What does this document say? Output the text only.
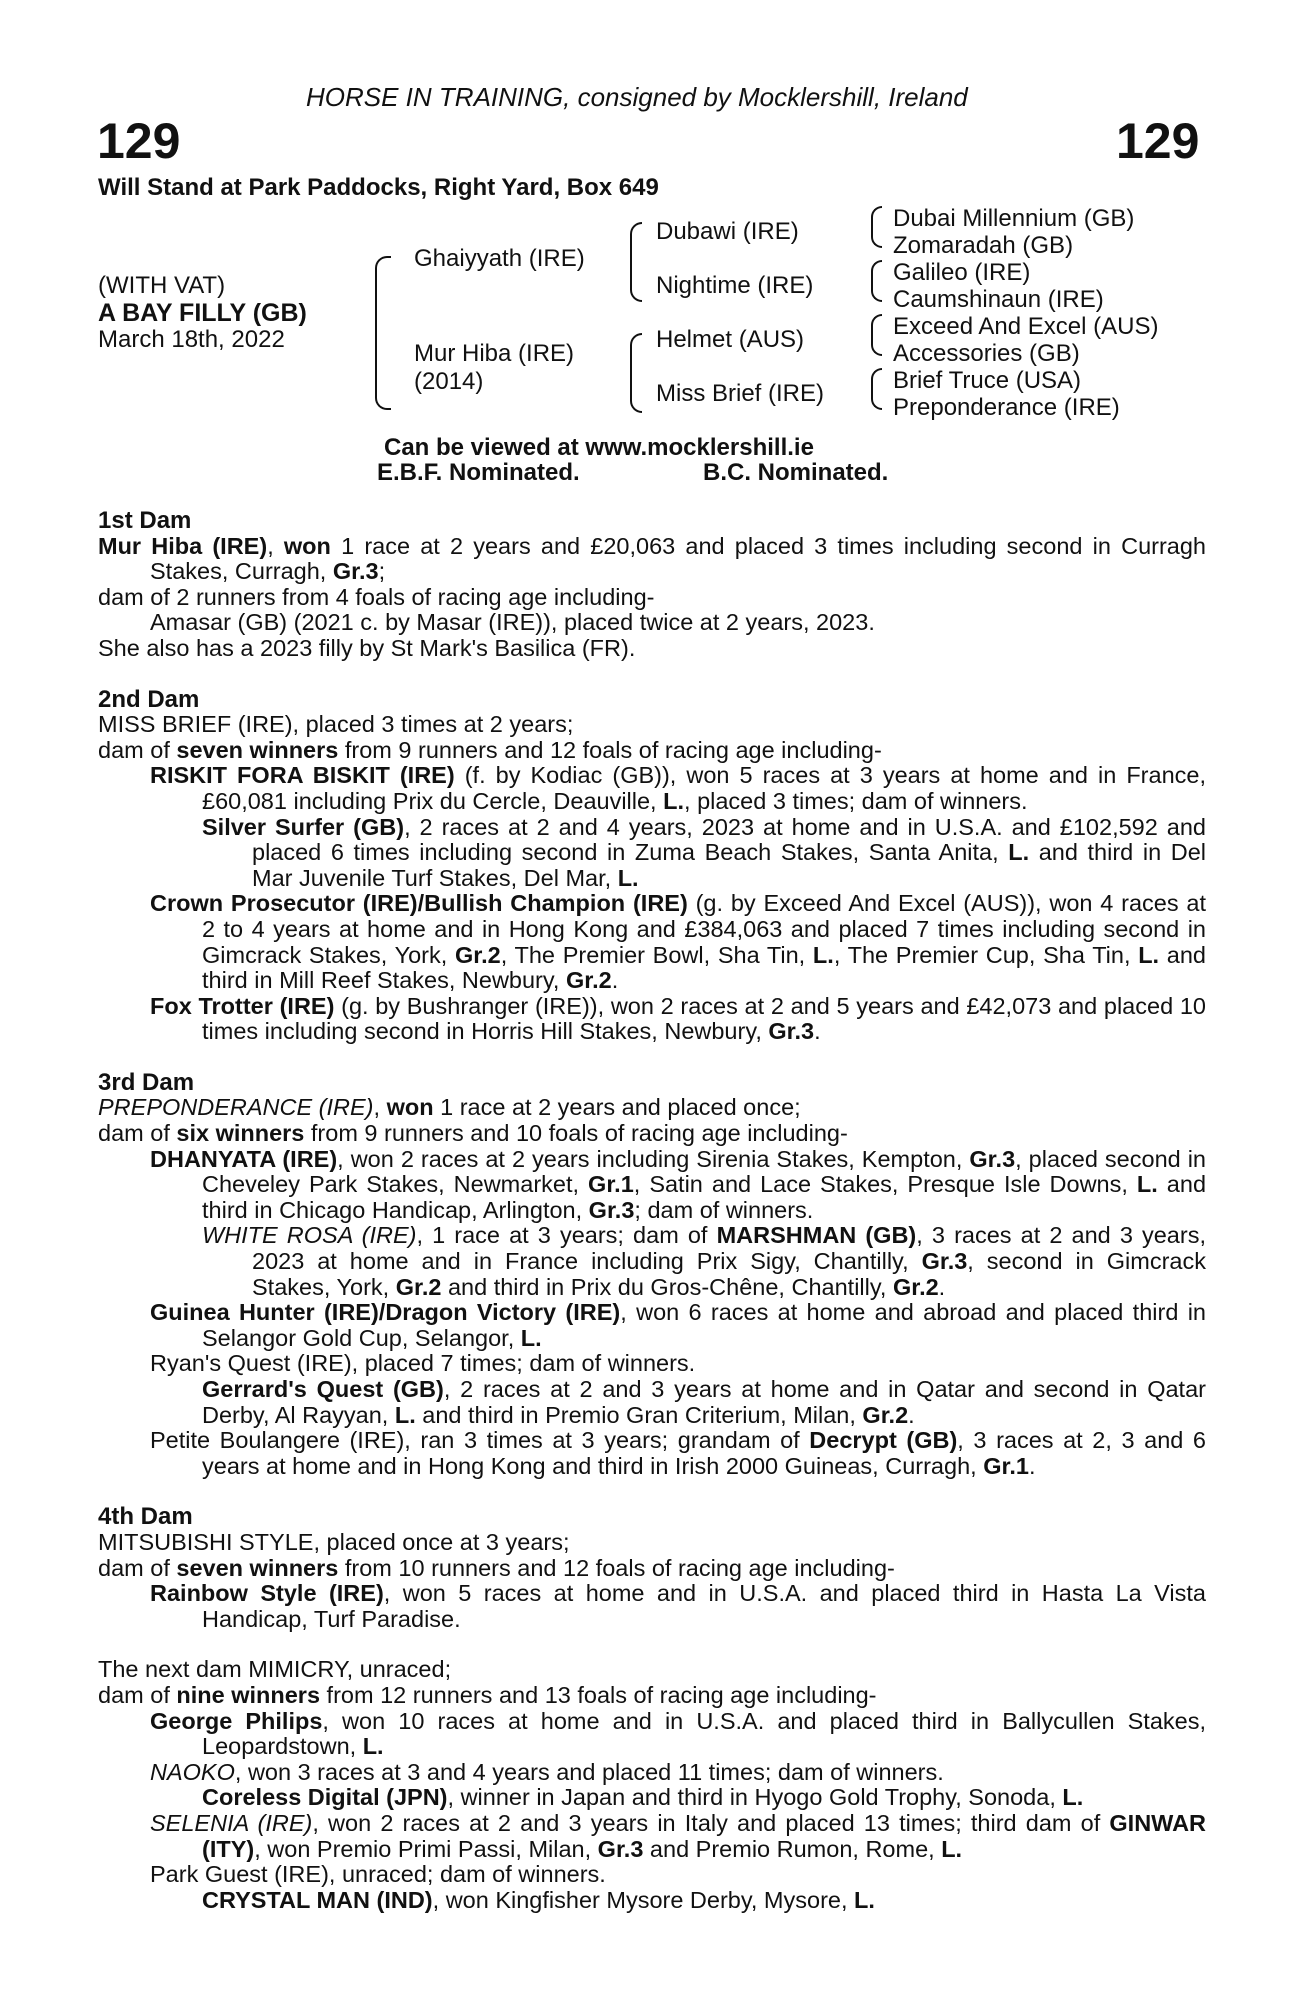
HORSE IN TRAINING, consigned by Mocklershill, Ireland
129	129
Will Stand at Park Paddocks, Right Yard, Box 649
(WITH VAT)
A BAY FILLY (GB)
March 18th, 2022
Ghaiyyath (IRE)
Mur Hiba (IRE)
(2014)
Dubawi (IRE)
Nightime (IRE)
Helmet (AUS)
Miss Brief (IRE)
Dubai Millennium (GB)
Zomaradah (GB)
Galileo (IRE)
Caumshinaun (IRE)
Exceed And Excel (AUS)
Accessories (GB)
Brief Truce (USA)
Preponderance (IRE)
Can be viewed at www.mocklershill.ie
E.B.F. Nominated.	B.C. Nominated.

1st Dam

Mur Hiba (IRE), won 1 race at 2 years and £20,063 and placed 3 times including second in Curragh Stakes, Curragh, Gr.3;

dam of 2 runners from 4 foals of racing age including-

Amasar (GB) (2021 c. by Masar (IRE)), placed twice at 2 years, 2023.

She also has a 2023 filly by St Mark's Basilica (FR).

2nd Dam

MISS BRIEF (IRE), placed 3 times at 2 years;

dam of seven winners from 9 runners and 12 foals of racing age including-

RISKIT FORA BISKIT (IRE) (f. by Kodiac (GB)), won 5 races at 3 years at home and in France, £60,081 including Prix du Cercle, Deauville, L., placed 3 times; dam of winners.

Silver Surfer (GB), 2 races at 2 and 4 years, 2023 at home and in U.S.A. and £102,592 and placed 6 times including second in Zuma Beach Stakes, Santa Anita, L. and third in Del Mar Juvenile Turf Stakes, Del Mar, L.

Crown Prosecutor (IRE)/Bullish Champion (IRE) (g. by Exceed And Excel (AUS)), won 4 races at 2 to 4 years at home and in Hong Kong and £384,063 and placed 7 times including second in Gimcrack Stakes, York, Gr.2, The Premier Bowl, Sha Tin, L., The Premier Cup, Sha Tin, L. and third in Mill Reef Stakes, Newbury, Gr.2.

Fox Trotter (IRE) (g. by Bushranger (IRE)), won 2 races at 2 and 5 years and £42,073 and placed 10 times including second in Horris Hill Stakes, Newbury, Gr.3.

3rd Dam

PREPONDERANCE (IRE), won 1 race at 2 years and placed once;

dam of six winners from 9 runners and 10 foals of racing age including-

DHANYATA (IRE), won 2 races at 2 years including Sirenia Stakes, Kempton, Gr.3, placed second in Cheveley Park Stakes, Newmarket, Gr.1, Satin and Lace Stakes, Presque Isle Downs, L. and third in Chicago Handicap, Arlington, Gr.3; dam of winners.

WHITE ROSA (IRE), 1 race at 3 years; dam of MARSHMAN (GB), 3 races at 2 and 3 years, 2023 at home and in France including Prix Sigy, Chantilly, Gr.3, second in Gimcrack Stakes, York, Gr.2 and third in Prix du Gros-Chêne, Chantilly, Gr.2.

Guinea Hunter (IRE)/Dragon Victory (IRE), won 6 races at home and abroad and placed third in Selangor Gold Cup, Selangor, L.

Ryan's Quest (IRE), placed 7 times; dam of winners.

Gerrard's Quest (GB), 2 races at 2 and 3 years at home and in Qatar and second in Qatar Derby, Al Rayyan, L. and third in Premio Gran Criterium, Milan, Gr.2.

Petite Boulangere (IRE), ran 3 times at 3 years; grandam of Decrypt (GB), 3 races at 2, 3 and 6 years at home and in Hong Kong and third in Irish 2000 Guineas, Curragh, Gr.1.

4th Dam

MITSUBISHI STYLE, placed once at 3 years;

dam of seven winners from 10 runners and 12 foals of racing age including-

Rainbow Style (IRE), won 5 races at home and in U.S.A. and placed third in Hasta La Vista Handicap, Turf Paradise.

The next dam MIMICRY, unraced;

dam of nine winners from 12 runners and 13 foals of racing age including-

George Philips, won 10 races at home and in U.S.A. and placed third in Ballycullen Stakes, Leopardstown, L.

NAOKO, won 3 races at 3 and 4 years and placed 11 times; dam of winners.

Coreless Digital (JPN), winner in Japan and third in Hyogo Gold Trophy, Sonoda, L.

SELENIA (IRE), won 2 races at 2 and 3 years in Italy and placed 13 times; third dam of GINWAR (ITY), won Premio Primi Passi, Milan, Gr.3 and Premio Rumon, Rome, L.

Park Guest (IRE), unraced; dam of winners.

CRYSTAL MAN (IND), won Kingfisher Mysore Derby, Mysore, L.
